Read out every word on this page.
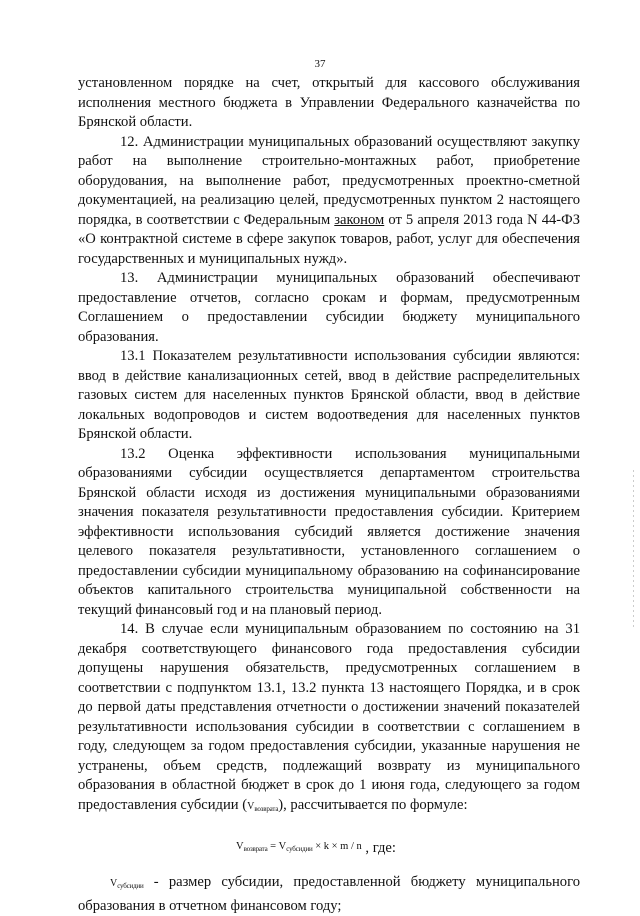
37

установленном порядке на счет, открытый для кассового обслуживания исполнения местного бюджета в Управлении Федерального казначейства по Брянской области.

12. Администрации муниципальных образований осуществляют закупку работ на выполнение строительно-монтажных работ, приобретение оборудования, на выполнение работ, предусмотренных проектно-сметной документацией, на реализацию целей, предусмотренных пунктом 2 настоящего порядка, в соответствии с Федеральным законом от 5 апреля 2013 года N 44-ФЗ «О контрактной системе в сфере закупок товаров, работ, услуг для обеспечения государственных и муниципальных нужд».

13. Администрации муниципальных образований обеспечивают предоставление отчетов, согласно срокам и формам, предусмотренным Соглашением о предоставлении субсидии бюджету муниципального образования.

13.1 Показателем результативности использования субсидии являются: ввод в действие канализационных сетей, ввод в действие распределительных газовых систем для населенных пунктов Брянской области, ввод в действие локальных водопроводов и систем водоотведения для населенных пунктов Брянской области.

13.2 Оценка эффективности использования муниципальными образованиями субсидии осуществляется департаментом строительства Брянской области исходя из достижения муниципальными образованиями значения показателя результативности предоставления субсидии. Критерием эффективности использования субсидий является достижение значения целевого показателя результативности, установленного соглашением о предоставлении субсидии муниципальному образованию на софинансирование объектов капитального строительства муниципальной собственности на текущий финансовый год и на плановый период.

14. В случае если муниципальным образованием по состоянию на 31 декабря соответствующего финансового года предоставления субсидии допущены нарушения обязательств, предусмотренных соглашением в соответствии с подпунктом 13.1, 13.2 пункта 13 настоящего Порядка, и в срок до первой даты представления отчетности о достижении значений показателей результативности использования субсидии в соответствии с соглашением в году, следующем за годом предоставления субсидии, указанные нарушения не устранены, объем средств, подлежащий возврату из муниципального образования в областной бюджет в срок до 1 июня года, следующего за годом предоставления субсидии $(V_{возврата})$, рассчитывается по формуле:

$V_{возврата} = V_{субсидии} \times k \times m / n$ , где:

$V_{субсидии}$ - размер субсидии, предоставленной бюджету муниципального образования в отчетном финансовом году;
